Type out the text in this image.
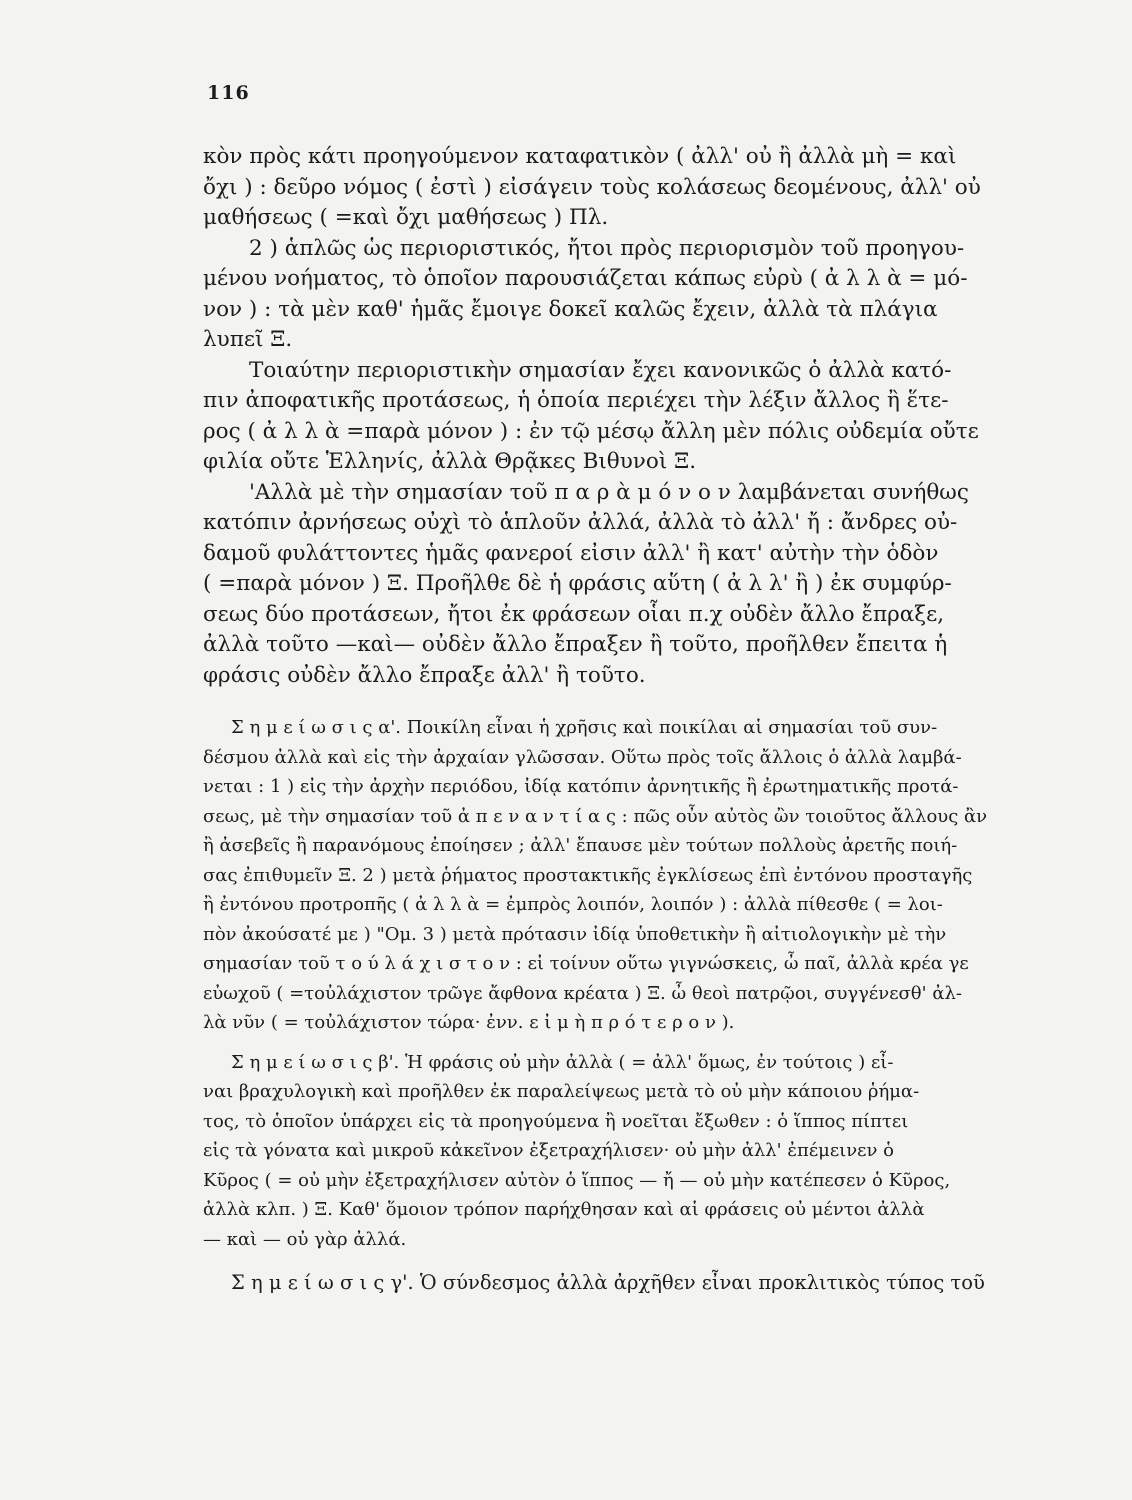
116

κὸν πρὸς κάτι προηγούμενον καταφατικὸν ( ἀλλ' οὐ ἢ ἀλλὰ μὴ = καὶ
ὄχι ) : δεῦρο νόμος ( ἐστὶ ) εἰσάγειν τοὺς κολάσεως δεομένους, ἀλλ' οὐ
μαθήσεως ( =καὶ ὄχι μαθήσεως ) Πλ.

2 ) ἁπλῶς ὡς περιοριστικός, ἤτοι πρὸς περιορισμὸν τοῦ προηγου-
μένου νοήματος, τὸ ὁποῖον παρουσιάζεται κάπως εὐρὺ ( ἀ λ λ ὰ = μό-
νον ) : τὰ μὲν καθ' ἡμᾶς ἔμοιγε δοκεῖ καλῶς ἔχειν, ἀλλὰ τὰ πλάγια
λυπεῖ Ξ.

Τοιαύτην περιοριστικὴν σημασίαν ἔχει κανονικῶς ὁ ἀλλὰ κατό-
πιν ἀποφατικῆς προτάσεως, ἡ ὁποία περιέχει τὴν λέξιν ἄλλος ἢ ἕτε-
ρος ( ἀ λ λ ὰ =παρὰ μόνον ) : ἐν τῷ μέσῳ ἄλλη μὲν πόλις οὐδεμία οὔτε
φιλία οὔτε Ἑλληνίς, ἀλλὰ Θρᾷκες Βιθυνοὶ Ξ.

'Αλλὰ μὲ τὴν σημασίαν τοῦ π α ρ ὰ μ ό ν ο ν λαμβάνεται συνήθως
κατόπιν ἀρνήσεως οὐχὶ τὸ ἁπλοῦν ἀλλά, ἀλλὰ τὸ ἀλλ' ἤ : ἄνδρες οὐ-
δαμοῦ φυλάττοντες ἡμᾶς φανεροί εἰσιν ἀλλ' ἢ κατ' αὐτὴν τὴν ὁδὸν
( =παρὰ μόνον ) Ξ. Προῆλθε δὲ ἡ φράσις αὕτη ( ἀ λ λ' ἢ ) ἐκ συμφύρ-
σεως δύο προτάσεων, ἤτοι ἐκ φράσεων οἷαι π.χ οὐδὲν ἄλλο ἔπραξε,
ἀλλὰ τοῦτο —καὶ— οὐδὲν ἄλλο ἔπραξεν ἢ τοῦτο, προῆλθεν ἔπειτα ἡ
φράσις οὐδὲν ἄλλο ἔπραξε ἀλλ' ἢ τοῦτο.

Σ η μ ε ί ω σ ι ς α'. Ποικίλη εἶναι ἡ χρῆσις καὶ ποικίλαι αἱ σημασίαι τοῦ συν-
δέσμου ἀλλὰ καὶ εἰς τὴν ἀρχαίαν γλῶσσαν. Οὕτω πρὸς τοῖς ἄλλοις ὁ ἀλλὰ λαμβά-
νεται : 1 ) εἰς τὴν ἀρχὴν περιόδου, ἰδίᾳ κατόπιν ἀρνητικῆς ἢ ἐρωτηματικῆς προτά-
σεως, μὲ τὴν σημασίαν τοῦ ἀ π ε ν α ν τ ί α ς : πῶς οὖν αὐτὸς ὢν τοιοῦτος ἄλλους ἂν
ἢ ἀσεβεῖς ἢ παρανόμους ἐποίησεν ; ἀλλ' ἔπαυσε μὲν τούτων πολλοὺς ἀρετῆς ποιή-
σας ἐπιθυμεῖν Ξ. 2 ) μετὰ ῥήματος προστακτικῆς ἐγκλίσεως ἐπὶ ἐντόνου προσταγῆς
ἢ ἐντόνου προτροπῆς ( ἀ λ λ ὰ = ἐμπρὸς λοιπόν, λοιπόν ) : ἀλλὰ πίθεσθε ( = λοι-
πὸν ἀκούσατέ με ) "Ομ. 3 ) μετὰ πρότασιν ἰδίᾳ ὑποθετικὴν ἢ αἰτιολογικὴν μὲ τὴν
σημασίαν τοῦ τ ο ύ λ ά χ ι σ τ ο ν : εἰ τοίνυν οὕτω γιγνώσκεις, ὦ παῖ, ἀλλὰ κρέα γε
εὐωχοῦ ( =τοὐλάχιστον τρῶγε ἄφθονα κρέατα ) Ξ. ὦ θεοὶ πατρῷοι, συγγένεσθ' ἀλ-
λὰ νῦν ( = τοὐλάχιστον τώρα· ἐνν. ε ἰ μ ὴ π ρ ό τ ε ρ ο ν ).

Σ η μ ε ί ω σ ι ς β'. Ἡ φράσις οὐ μὴν ἀλλὰ ( = ἀλλ' ὅμως, ἐν τούτοις ) εἶ-
ναι βραχυλογικὴ καὶ προῆλθεν ἐκ παραλείψεως μετὰ τὸ οὐ μὴν κάποιου ῥήμα-
τος, τὸ ὁποῖον ὑπάρχει εἰς τὰ προηγούμενα ἢ νοεῖται ἔξωθεν : ὁ ἵππος πίπτει
εἰς τὰ γόνατα καὶ μικροῦ κἀκεῖνον ἐξετραχήλισεν· οὐ μὴν ἀλλ' ἐπέμεινεν ὁ
Κῦρος ( = οὐ μὴν ἐξετραχήλισεν αὐτὸν ὁ ἵππος — ἤ — οὐ μὴν κατέπεσεν ὁ Κῦρος,
ἀλλὰ κλπ. ) Ξ. Καθ' ὅμοιον τρόπον παρήχθησαν καὶ αἱ φράσεις οὐ μέντοι ἀλλὰ
— καὶ — οὐ γὰρ ἀλλά.

Σ η μ ε ί ω σ ι ς γ'. Ὁ σύνδεσμος ἀλλὰ ἀρχῆθεν εἶναι προκλιτικὸς τύπος τοῦ
